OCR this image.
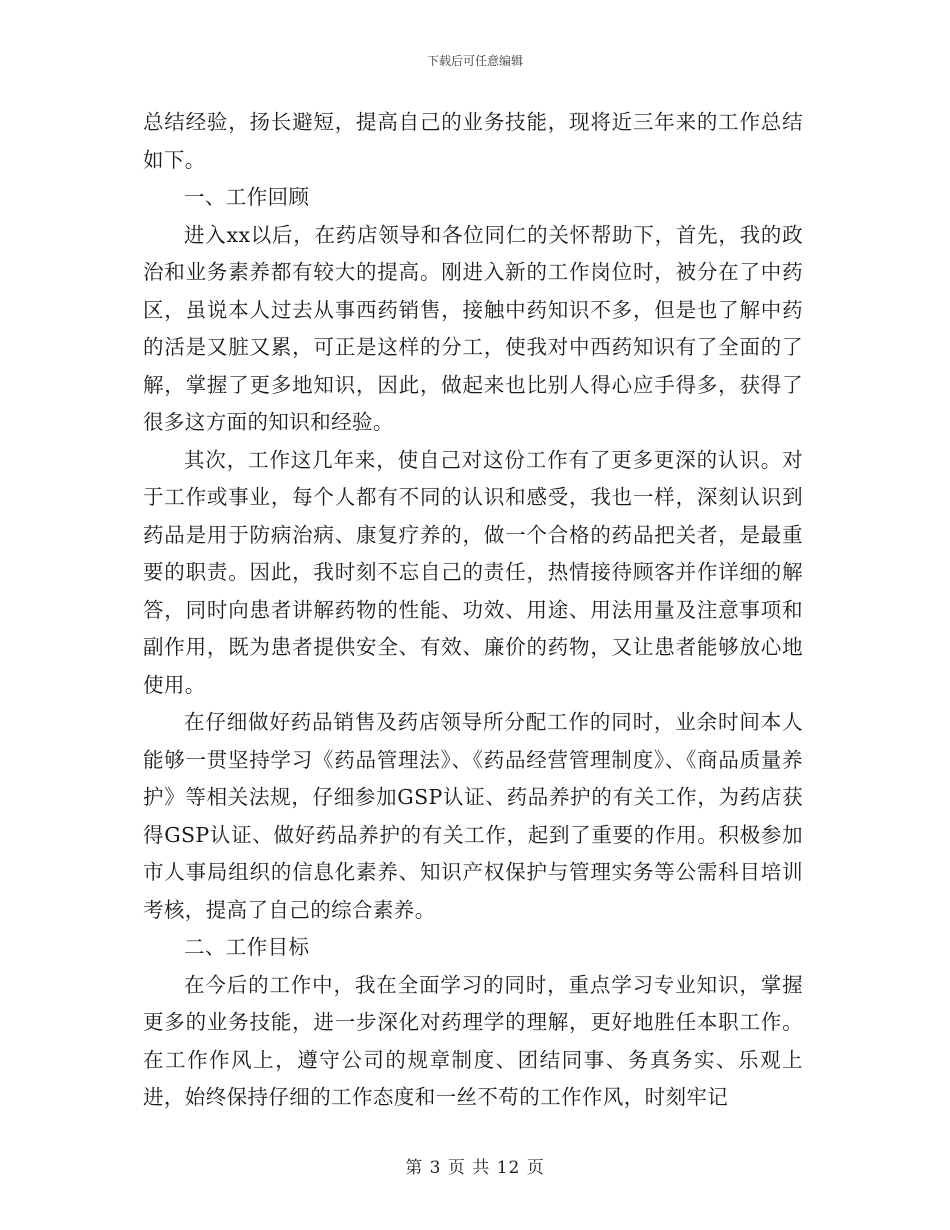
下载后可任意编辑

总结经验，扬长避短，提高自己的业务技能，现将近三年来的工作总结如下。

一、工作回顾

进入xx以后，在药店领导和各位同仁的关怀帮助下，首先，我的政治和业务素养都有较大的提高。刚进入新的工作岗位时，被分在了中药区，虽说本人过去从事西药销售，接触中药知识不多，但是也了解中药的活是又脏又累，可正是这样的分工，使我对中西药知识有了全面的了解，掌握了更多地知识，因此，做起来也比别人得心应手得多，获得了很多这方面的知识和经验。

其次，工作这几年来，使自己对这份工作有了更多更深的认识。对于工作或事业，每个人都有不同的认识和感受，我也一样，深刻认识到药品是用于防病治病、康复疗养的，做一个合格的药品把关者，是最重要的职责。因此，我时刻不忘自己的责任，热情接待顾客并作详细的解答，同时向患者讲解药物的性能、功效、用途、用法用量及注意事项和副作用，既为患者提供安全、有效、廉价的药物，又让患者能够放心地使用。

在仔细做好药品销售及药店领导所分配工作的同时，业余时间本人能够一贯坚持学习《药品管理法》、《药品经营管理制度》、《商品质量养护》等相关法规，仔细参加GSP认证、药品养护的有关工作，为药店获得GSP认证、做好药品养护的有关工作，起到了重要的作用。积极参加市人事局组织的信息化素养、知识产权保护与管理实务等公需科目培训考核，提高了自己的综合素养。

二、工作目标

在今后的工作中，我在全面学习的同时，重点学习专业知识，掌握更多的业务技能，进一步深化对药理学的理解，更好地胜任本职工作。在工作作风上，遵守公司的规章制度、团结同事、务真务实、乐观上进，始终保持仔细的工作态度和一丝不苟的工作作风，时刻牢记

第 3 页 共 12 页
